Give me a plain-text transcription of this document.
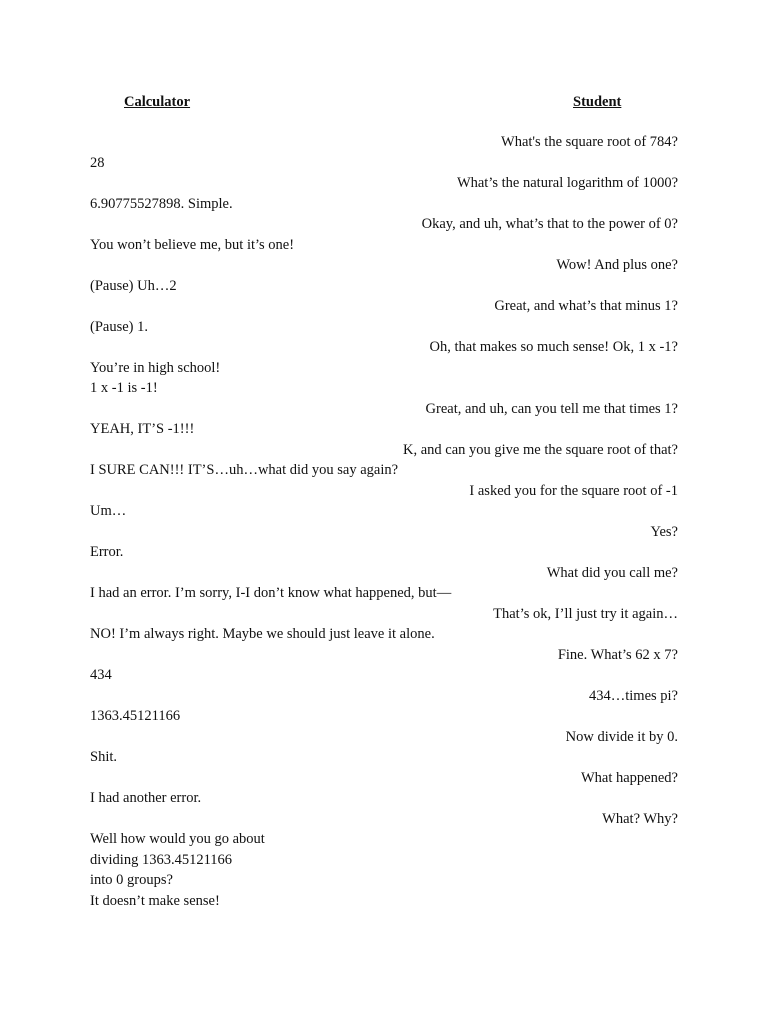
Calculator	Student
What's the square root of 784?
28
What’s the natural logarithm of 1000?
6.90775527898. Simple.
Okay, and uh, what’s that to the power of 0?
You won’t believe me, but it’s one!
Wow! And plus one?
(Pause) Uh…2
Great, and what’s that minus 1?
(Pause) 1.
Oh, that makes so much sense! Ok, 1 x -1?
You’re in high school!
1 x -1 is -1!
Great, and uh, can you tell me that times 1?
YEAH, IT’S -1!!!
K, and can you give me the square root of that?
I SURE CAN!!! IT’S…uh…what did you say again?
I asked you for the square root of -1
Um…
Yes?
Error.
What did you call me?
I had an error. I’m sorry, I-I don’t know what happened, but—
That’s ok, I’ll just try it again…
NO! I’m always right. Maybe we should just leave it alone.
Fine. What’s 62 x 7?
434
434…times pi?
1363.45121166
Now divide it by 0.
Shit.
What happened?
I had another error.
What? Why?
Well how would you go about
dividing 1363.45121166
into 0 groups?
It doesn’t make sense!
